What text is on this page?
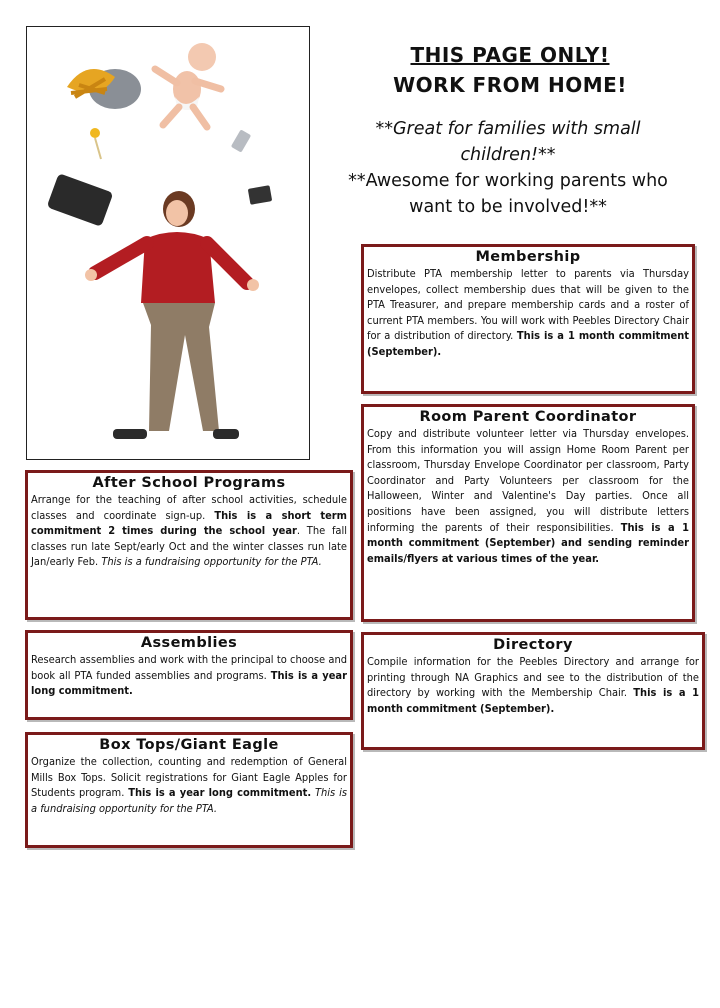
THIS PAGE ONLY!
WORK FROM HOME!
**Great for families with small children!**
**Awesome for working parents who want to be involved!**
Membership

Distribute PTA membership letter to parents via Thursday envelopes, collect membership dues that will be given to the PTA Treasurer, and prepare membership cards and a roster of current PTA members. You will work with Peebles Directory Chair for a distribution of directory. This is a 1 month commitment (September).

Room Parent Coordinator

Copy and distribute volunteer letter via Thursday envelopes. From this information you will assign Home Room Parent per classroom, Thursday Envelope Coordinator per classroom, Party Coordinator and Party Volunteers per classroom for the Halloween, Winter and Valentine's Day parties. Once all positions have been assigned, you will distribute letters informing the parents of their responsibilities. This is a 1 month commitment (September) and sending reminder emails/flyers at various times of the year.

After School Programs

Arrange for the teaching of after school activities, schedule classes and coordinate sign-up. This is a short term commitment 2 times during the school year. The fall classes run late Sept/early Oct and the winter classes run late Jan/early Feb. This is a fundraising opportunity for the PTA.

Assemblies

Research assemblies and work with the principal to choose and book all PTA funded assemblies and programs. This is a year long commitment.

Directory

Compile information for the Peebles Directory and arrange for printing through NA Graphics and see to the distribution of the directory by working with the Membership Chair. This is a 1 month commitment (September).

Box Tops/Giant Eagle

Organize the collection, counting and redemption of General Mills Box Tops. Solicit registrations for Giant Eagle Apples for Students program. This is a year long commitment. This is a fundraising opportunity for the PTA.
